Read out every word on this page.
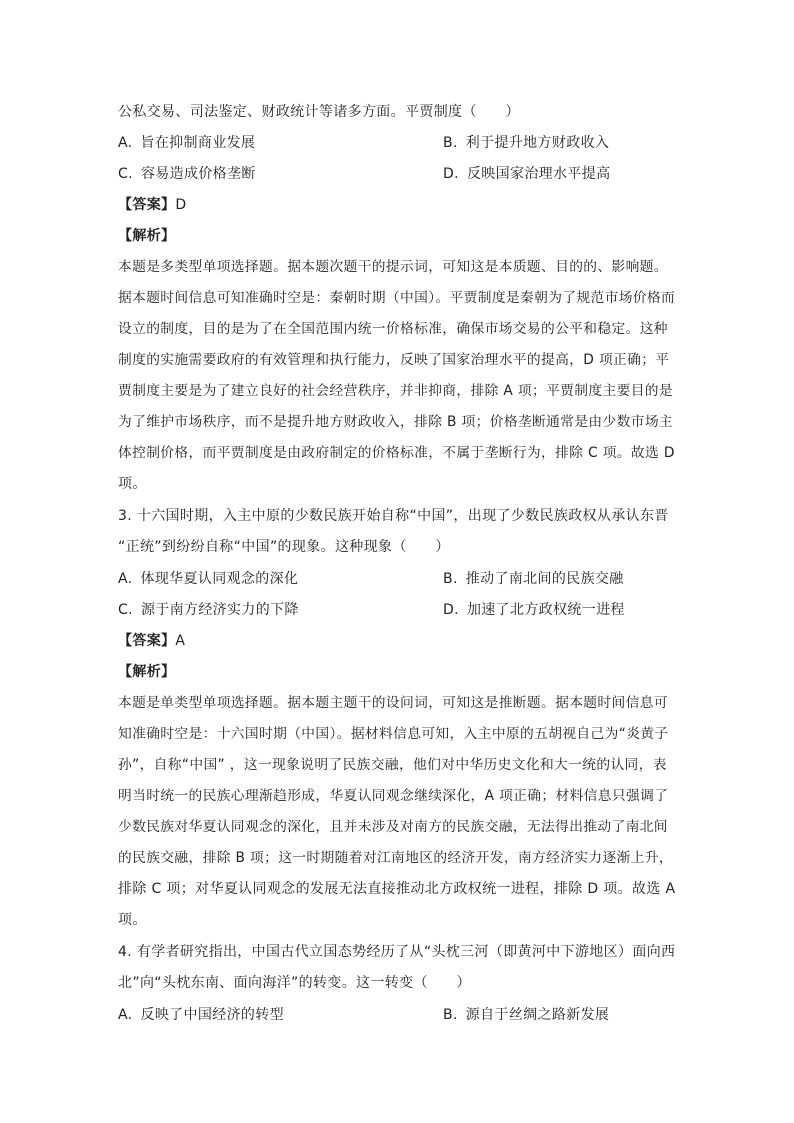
公私交易、司法鉴定、财政统计等诸多方面。平贾制度（　　）
A. 旨在抑制商业发展	B. 利于提升地方财政收入
C. 容易造成价格垄断	D. 反映国家治理水平提高
【答案】D
【解析】
本题是多类型单项选择题。据本题次题干的提示词，可知这是本质题、目的的、影响题。
据本题时间信息可知准确时空是：秦朝时期（中国）。平贾制度是秦朝为了规范市场价格而
设立的制度，目的是为了在全国范围内统一价格标准，确保市场交易的公平和稳定。这种
制度的实施需要政府的有效管理和执行能力，反映了国家治理水平的提高，D 项正确；平
贾制度主要是为了建立良好的社会经营秩序，并非抑商，排除 A 项；平贾制度主要目的是
为了维护市场秩序，而不是提升地方财政收入，排除 B 项；价格垄断通常是由少数市场主
体控制价格，而平贾制度是由政府制定的价格标准，不属于垄断行为，排除 C 项。故选 D
项。
3. 十六国时期，入主中原的少数民族开始自称“中国”，出现了少数民族政权从承认东晋
“正统”到纷纷自称“中国”的现象。这种现象（　　）
A. 体现华夏认同观念的深化	B. 推动了南北间的民族交融
C. 源于南方经济实力的下降	D. 加速了北方政权统一进程
【答案】A
【解析】
本题是单类型单项选择题。据本题主题干的设问词，可知这是推断题。据本题时间信息可
知准确时空是：十六国时期（中国）。据材料信息可知，入主中原的五胡视自己为“炎黄子
孙”，自称“中国” ，这一现象说明了民族交融，他们对中华历史文化和大一统的认同，表
明当时统一的民族心理渐趋形成，华夏认同观念继续深化，A 项正确；材料信息只强调了
少数民族对华夏认同观念的深化，且并未涉及对南方的民族交融，无法得出推动了南北间
的民族交融，排除 B 项；这一时期随着对江南地区的经济开发，南方经济实力逐渐上升，
排除 C 项；对华夏认同观念的发展无法直接推动北方政权统一进程，排除 D 项。故选 A
项。
4. 有学者研究指出，中国古代立国态势经历了从“头枕三河（即黄河中下游地区）面向西
北”向“头枕东南、面向海洋”的转变。这一转变（　　）
A. 反映了中国经济的转型	B. 源自于丝绸之路新发展
